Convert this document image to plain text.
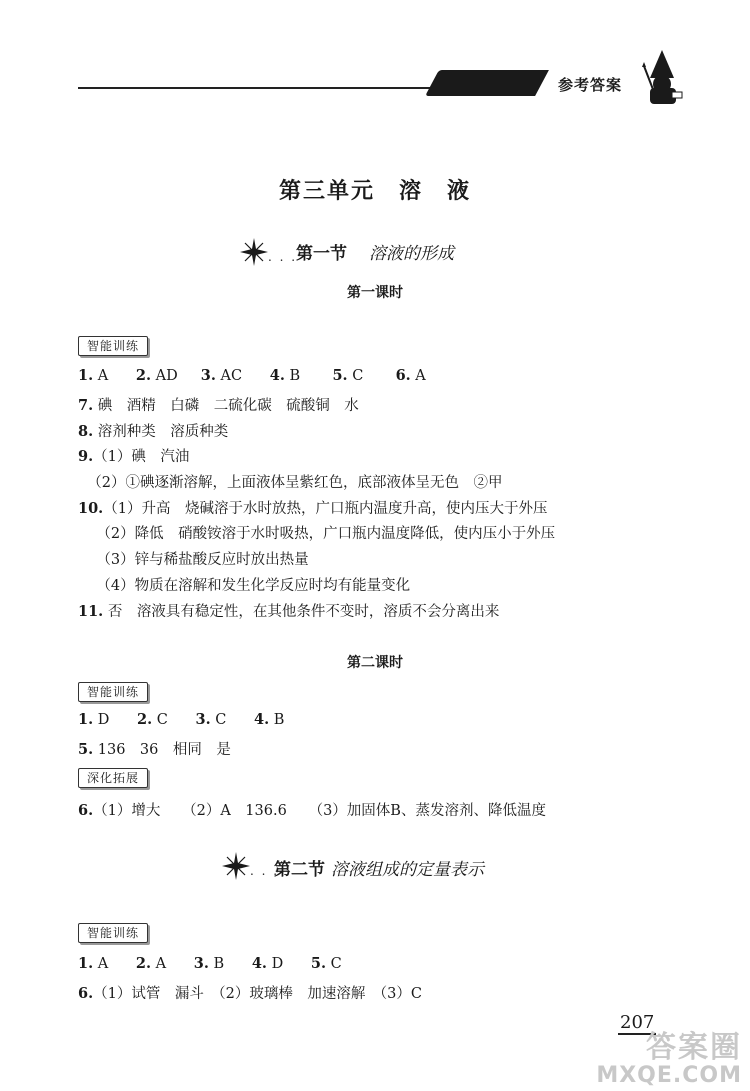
参考答案
第三单元　溶　液
. . .
第一节 溶液的形成
第一课时
智能训练
1. A      2. AD     3. AC      4. B       5. C       6. A
7. 碘　酒精　白磷　二硫化碳　硫酸铜　水
8. 溶剂种类　溶质种类
9.（1）碘　汽油
（2）①碘逐渐溶解，上面液体呈紫红色，底部液体呈无色　②甲
10.（1）升高　烧碱溶于水时放热，广口瓶内温度升高，使内压大于外压
（2）降低　硝酸铵溶于水时吸热，广口瓶内温度降低，使内压小于外压
（3）锌与稀盐酸反应时放出热量
（4）物质在溶解和发生化学反应时均有能量变化
11. 否　溶液具有稳定性，在其他条件不变时，溶质不会分离出来
第二课时
智能训练
1. D      2. C      3. C      4. B
5. 136　36　相同　是
深化拓展
6.（1）增大　　（2）A　136.6　　（3）加固体B、蒸发溶剂、降低温度
. . .
第二节 溶液组成的定量表示
智能训练
1. A      2. A      3. B      4. D      5. C
6.（1）试管　漏斗　（2）玻璃棒　加速溶解　（3）C
207
答案圈
MXQE.COM
